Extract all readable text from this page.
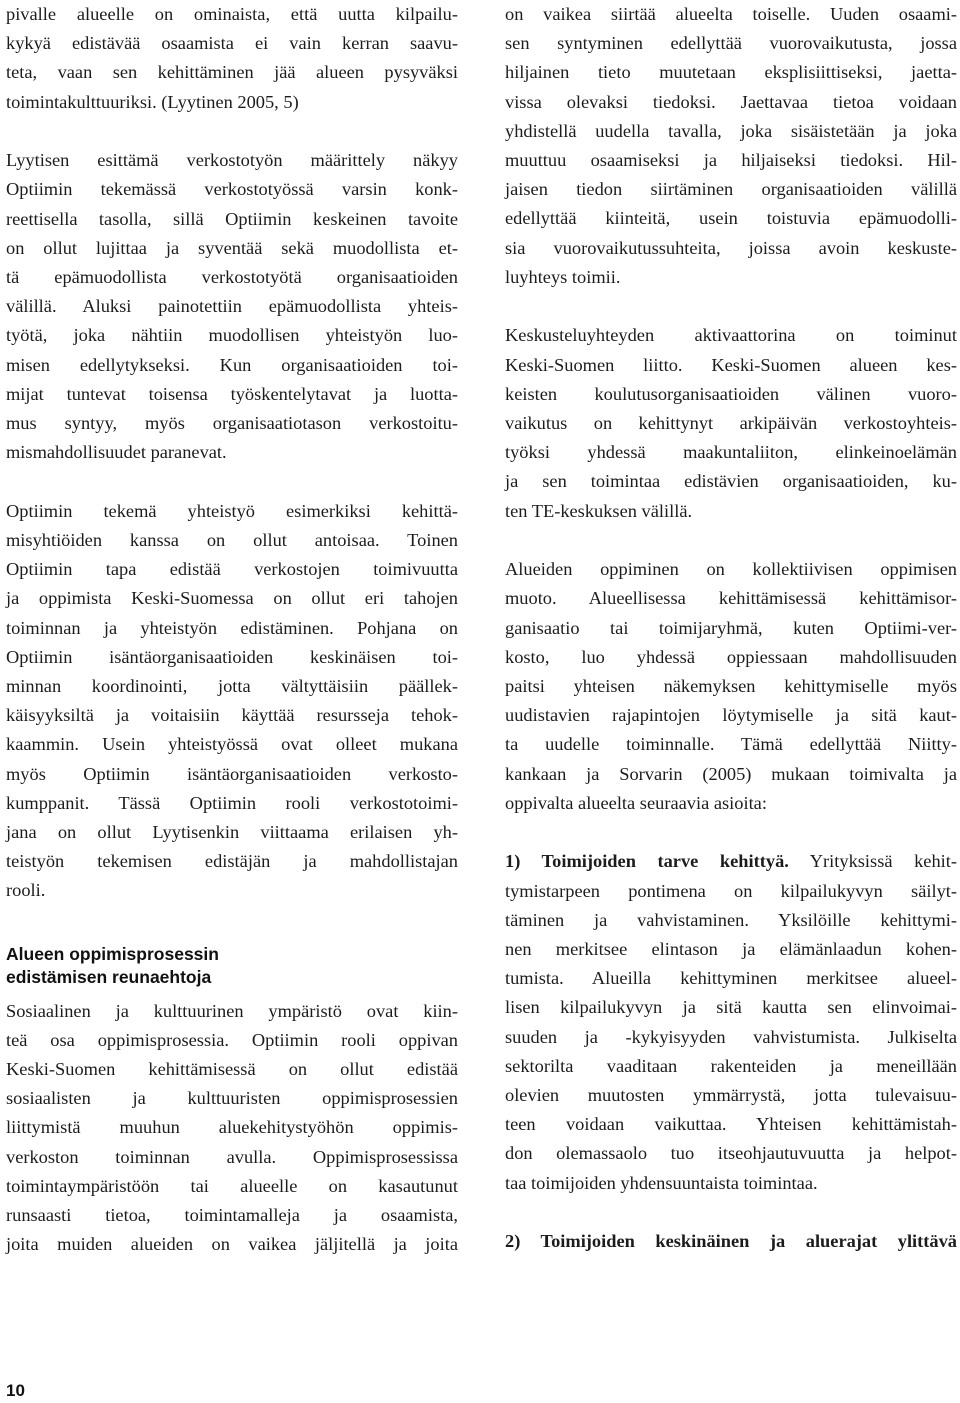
pivalle alueelle on ominaista, että uutta kilpailu-
kykyä edistävää osaamista ei vain kerran saavu-
teta, vaan sen kehittäminen jää alueen pysyväksi
toimintakulttuuriksi. (Lyytinen 2005, 5)

Lyytisen esittämä verkostotyön määrittely näkyy
Optiimin tekemässä verkostotyössä varsin konk-
reettisella tasolla, sillä Optiimin keskeinen tavoite
on ollut lujittaa ja syventää sekä muodollista et-
tä epämuodollista verkostotyötä organisaatioiden
välillä. Aluksi painotettiin epämuodollista yhteis-
työtä, joka nähtiin muodollisen yhteistyön luo-
misen edellytykseksi. Kun organisaatioiden toi-
mijat tuntevat toisensa työskentelytavat ja luotta-
mus syntyy, myös organisaatiotason verkostoitu-
mismahdollisuudet paranevat.

Optiimin tekemä yhteistyö esimerkiksi kehittä-
misyhtiöiden kanssa on ollut antoisaa. Toinen
Optiimin tapa edistää verkostojen toimivuutta
ja oppimista Keski-Suomessa on ollut eri tahojen
toiminnan ja yhteistyön edistäminen. Pohjana on
Optiimin isäntäorganisaatioiden keskinäisen toi-
minnan koordinointi, jotta vältyttäisiin päällek-
käisyyksiltä ja voitaisiin käyttää resursseja tehok-
kaammin. Usein yhteistyössä ovat olleet mukana
myös Optiimin isäntäorganisaatioiden verkosto-
kumppanit. Tässä Optiimin rooli verkostotoimi-
jana on ollut Lyytisenkin viittaama erilaisen yh-
teistyön tekemisen edistäjän ja mahdollistajan
rooli.

Alueen oppimisprosessin
edistämisen reunaehtoja

Sosiaalinen ja kulttuurinen ympäristö ovat kiin-
teä osa oppimisprosessia. Optiimin rooli oppivan
Keski-Suomen kehittämisessä on ollut edistää
sosiaalisten ja kulttuuristen oppimisprosessien
liittymistä muuhun aluekehitystyöhön oppimis-
verkoston toiminnan avulla. Oppimisprosessissa
toimintaympäristöön tai alueelle on kasautunut
runsaasti tietoa, toimintamalleja ja osaamista,
joita muiden alueiden on vaikea jäljitellä ja joita

on vaikea siirtää alueelta toiselle. Uuden osaami-
sen syntyminen edellyttää vuorovaikutusta, jossa
hiljainen tieto muutetaan eksplisiittiseksi, jaetta-
vissa olevaksi tiedoksi. Jaettavaa tietoa voidaan
yhdistellä uudella tavalla, joka sisäistetään ja joka
muuttuu osaamiseksi ja hiljaiseksi tiedoksi. Hil-
jaisen tiedon siirtäminen organisaatioiden välillä
edellyttää kiinteitä, usein toistuvia epämuodolli-
sia vuorovaikutussuhteita, joissa avoin keskuste-
luyhteys toimii.

Keskusteluyhteyden aktivaattorina on toiminut
Keski-Suomen liitto. Keski-Suomen alueen kes-
keisten koulutusorganisaatioiden välinen vuoro-
vaikutus on kehittynyt arkipäivän verkostoyhteis-
työksi yhdessä maakuntaliiton, elinkeinoelämän
ja sen toimintaa edistävien organisaatioiden, ku-
ten TE-keskuksen välillä.

Alueiden oppiminen on kollektiivisen oppimisen
muoto. Alueellisessa kehittämisessä kehittämisor-
ganisaatio tai toimijaryhmä, kuten Optiimi-ver-
kosto, luo yhdessä oppiessaan mahdollisuuden
paitsi yhteisen näkemyksen kehittymiselle myös
uudistavien rajapintojen löytymiselle ja sitä kaut-
ta uudelle toiminnalle. Tämä edellyttää Niitty-
kankaan ja Sorvarin (2005) mukaan toimivalta ja
oppivalta alueelta seuraavia asioita:

1) Toimijoiden tarve kehittyä. Yrityksissä kehit-
tymistarpeen pontimena on kilpailukyvyn säilyt-
täminen ja vahvistaminen. Yksilöille kehittymi-
nen merkitsee elintason ja elämänlaadun kohen-
tumista. Alueilla kehittyminen merkitsee alueel-
lisen kilpailukyvyn ja sitä kautta sen elinvoimai-
suuden ja -kykyisyyden vahvistumista. Julkiselta
sektorilta vaaditaan rakenteiden ja meneillään
olevien muutosten ymmärrystä, jotta tulevaisuu-
teen voidaan vaikuttaa. Yhteisen kehittämistah-
don olemassaolo tuo itseohjautuvuutta ja helpot-
taa toimijoiden yhdensuuntaista toimintaa.

2) Toimijoiden keskinäinen ja aluerajat ylittävä

10
